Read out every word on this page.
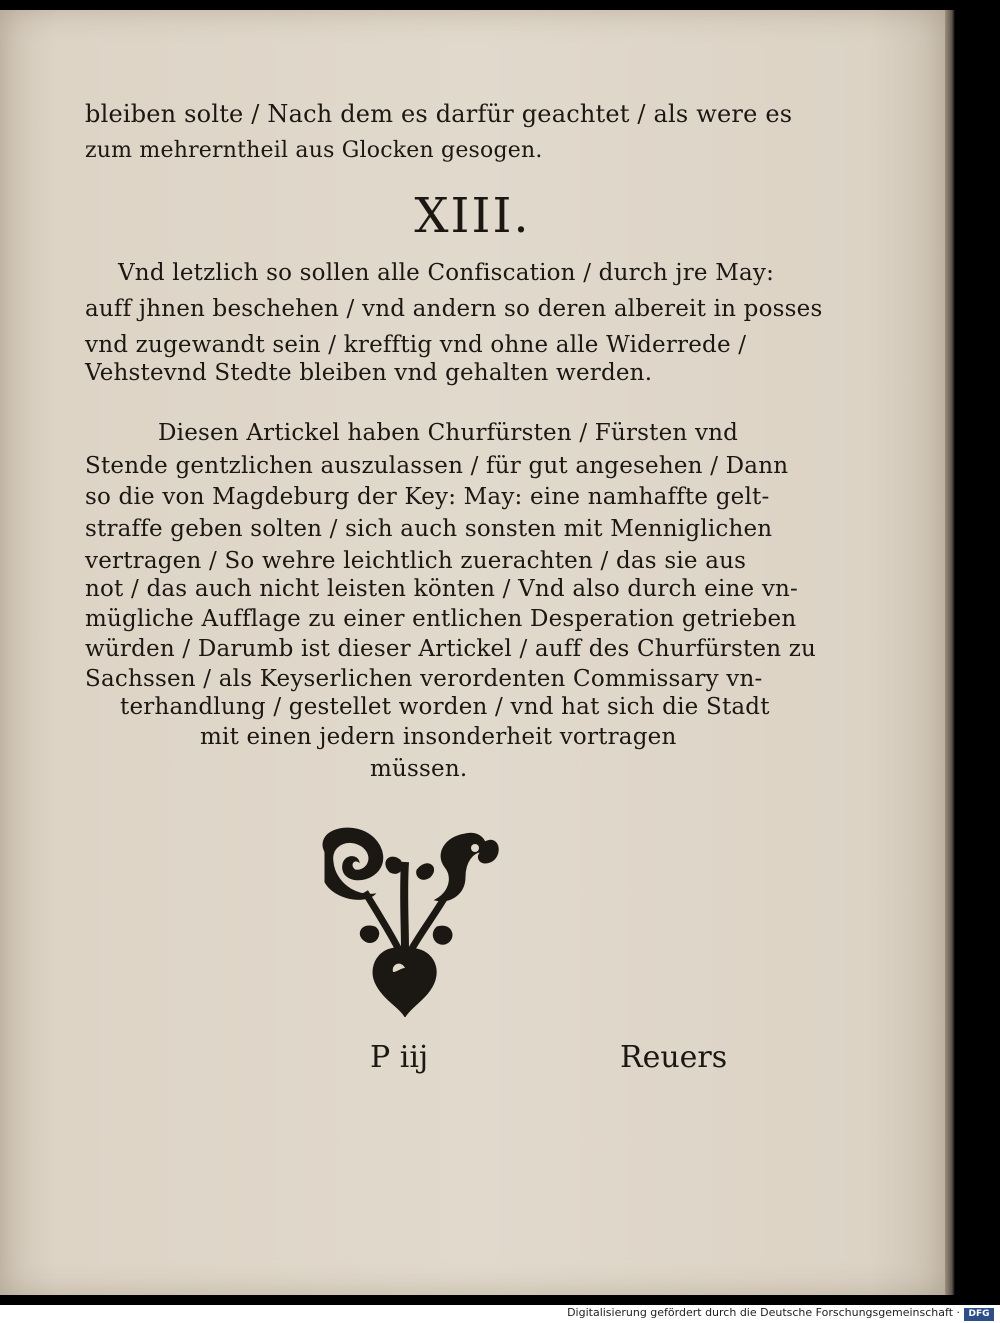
bleiben solte / Nach dem es darfür geachtet / als were es
zum mehrerntheil aus Glocken gesogen.
XIII.
Vnd letzlich so sollen alle Confiscation / durch jre May:
auff jhnen beschehen / vnd andern so deren albereit in posses
vnd zugewandt sein / krefftig vnd ohne alle Widerrede /
Vehstevnd Stedte bleiben vnd gehalten werden.
Diesen Artickel haben Churfürsten / Fürsten vnd
Stende gentzlichen auszulassen / für gut angesehen / Dann
so die von Magdeburg der Key: May: eine namhaffte gelt-
straffe geben solten / sich auch sonsten mit Menniglichen
vertragen / So wehre leichtlich zuerachten / das sie aus
not / das auch nicht leisten könten / Vnd also durch eine vn-
mügliche Aufflage zu einer entlichen Desperation getrieben
würden / Darumb ist dieser Artickel / auff des Churfürsten zu
Sachssen / als Keyserlichen verordenten Commissary vn-
terhandlung / gestellet worden / vnd hat sich die Stadt
mit einen jedern insonderheit vortragen
müssen.
P iij	Reuers
Digitalisierung gefördert durch die Deutsche Forschungsgemeinschaft · DFG
